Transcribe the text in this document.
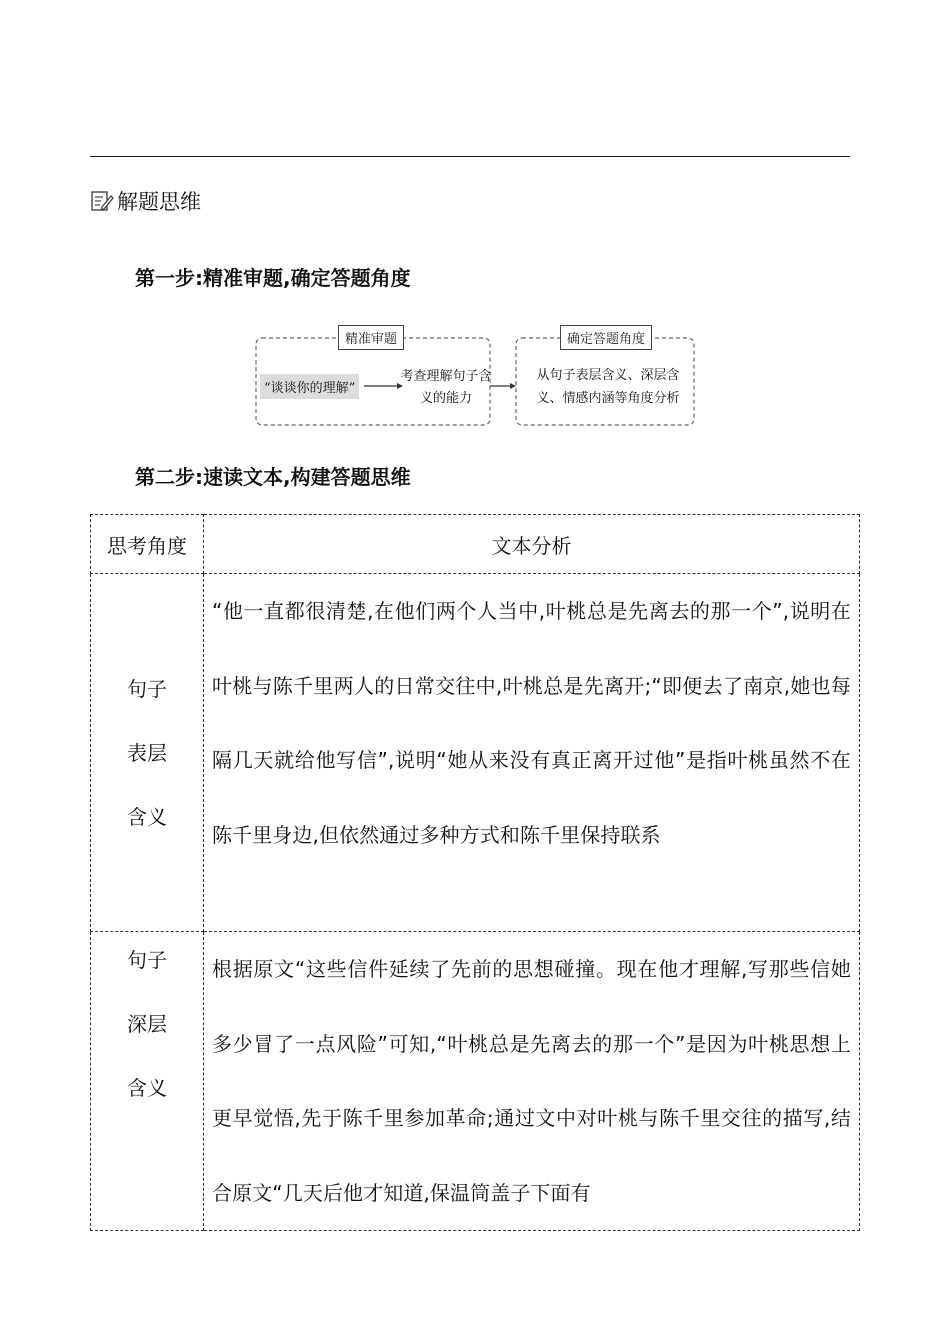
解题思维
第一步:精准审题,确定答题角度
精准审题	确定答题角度
“谈谈你的理解”
考查理解句子含义的能力
从句子表层含义、深层含义、情感内涵等角度分析
第二步:速读文本,构建答题思维
思考角度	文本分析

句子表层含义	“他一直都很清楚,在他们两个人当中,叶桃总是先离去的那一个”,说明在叶桃与陈千里两人的日常交往中,叶桃总是先离开;“即便去了南京,她也每隔几天就给他写信”,说明“她从来没有真正离开过他”是指叶桃虽然不在陈千里身边,但依然通过多种方式和陈千里保持联系

句子深层含义	根据原文“这些信件延续了先前的思想碰撞。现在他才理解,写那些信她多少冒了一点风险”可知,“叶桃总是先离去的那一个”是因为叶桃思想上更早觉悟,先于陈千里参加革命;通过文中对叶桃与陈千里交往的描写,结合原文“几天后他才知道,保温筒盖子下面有
